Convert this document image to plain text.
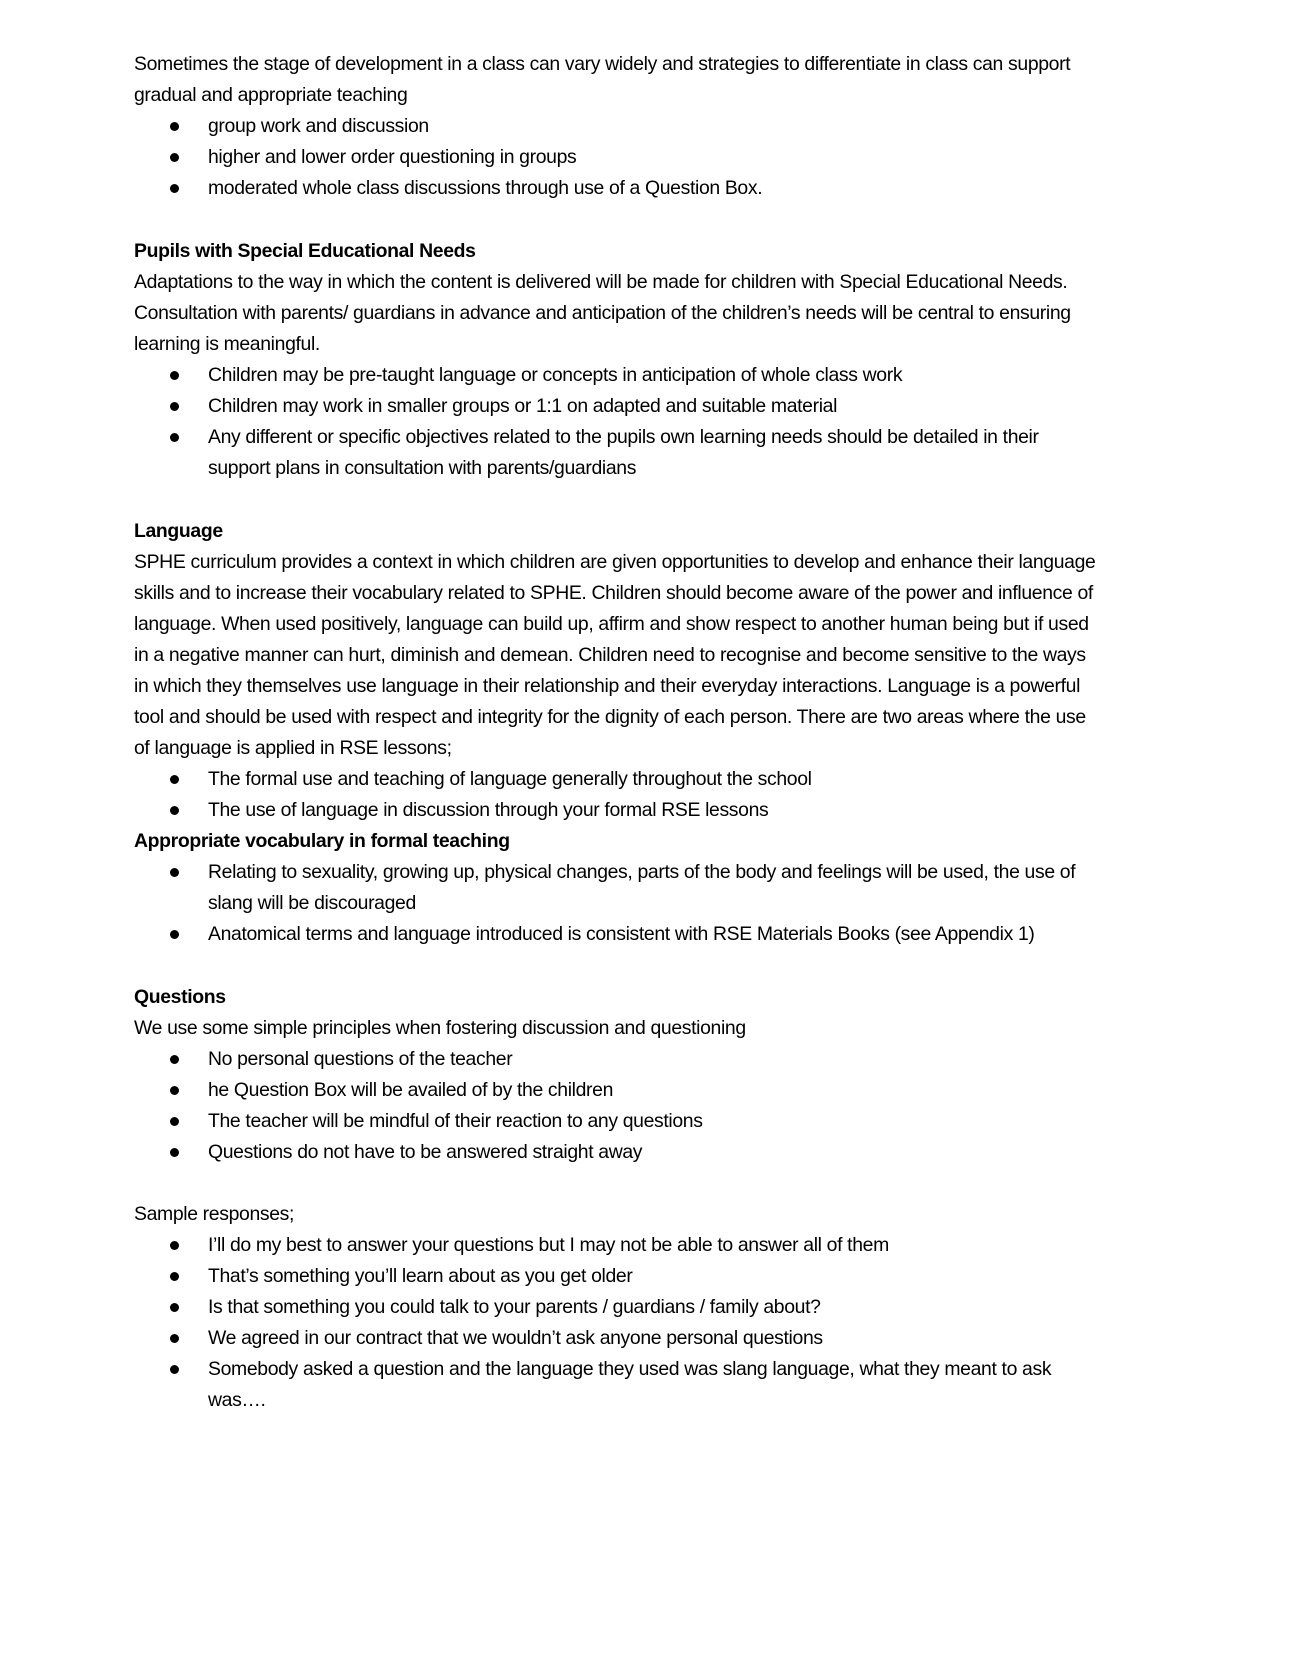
Sometimes the stage of development in a class can vary widely and strategies to differentiate in class can support gradual and appropriate teaching

group work and discussion
higher and lower order questioning in groups
moderated whole class discussions through use of a Question Box.
Pupils with Special Educational Needs

Adaptations to the way in which the content is delivered will be made for children with Special Educational Needs. Consultation with parents/ guardians in advance and anticipation of the children’s needs will be central to ensuring learning is meaningful.

Children may be pre-taught language or concepts in anticipation of whole class work
Children may work in smaller groups or 1:1 on adapted and suitable material
Any different or specific objectives related to the pupils own learning needs should be detailed in their support plans in consultation with parents/guardians
Language

SPHE curriculum provides a context in which children are given opportunities to develop and enhance their language skills and to increase their vocabulary related to SPHE. Children should become aware of the power and influence of language. When used positively, language can build up, affirm and show respect to another human being but if used in a negative manner can hurt, diminish and demean. Children need to recognise and become sensitive to the ways in which they themselves use language in their relationship and their everyday interactions. Language is a powerful tool and should be used with respect and integrity for the dignity of each person. There are two areas where the use of language is applied in RSE lessons;

The formal use and teaching of language generally throughout the school
The use of language in discussion through your formal RSE lessons
Appropriate vocabulary in formal teaching
Relating to sexuality, growing up, physical changes, parts of the body and feelings will be used, the use of slang will be discouraged
Anatomical terms and language introduced is consistent with RSE Materials Books (see Appendix 1)
Questions

We use some simple principles when fostering discussion and questioning

No personal questions of the teacher
he Question Box will be availed of by the children
The teacher will be mindful of their reaction to any questions
Questions do not have to be answered straight away

Sample responses;

I’ll do my best to answer your questions but I may not be able to answer all of them
That’s something you’ll learn about as you get older
Is that something you could talk to your parents / guardians / family about?
We agreed in our contract that we wouldn’t ask anyone personal questions
Somebody asked a question and the language they used was slang language, what they meant to ask was….
